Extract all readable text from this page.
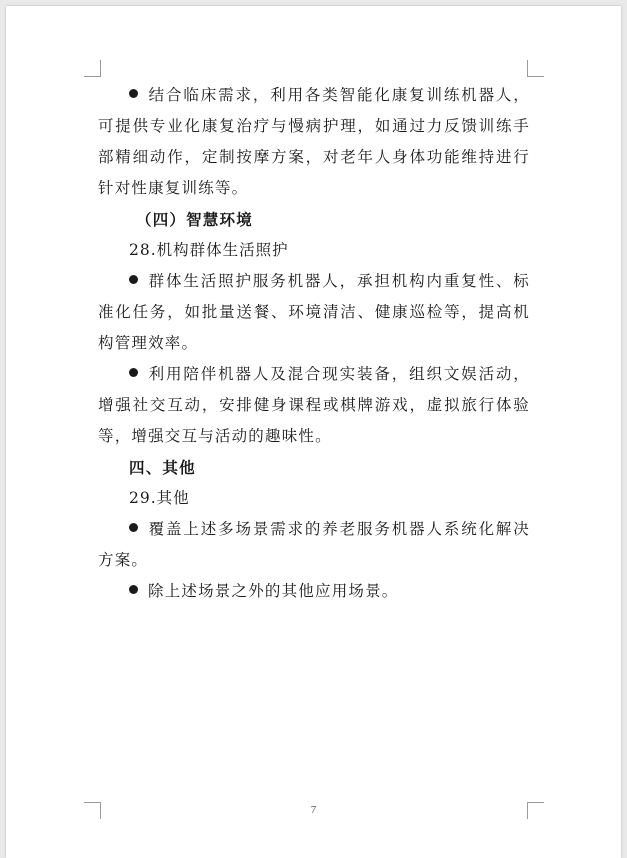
结合临床需求，利用各类智能化康复训练机器人，可提供专业化康复治疗与慢病护理，如通过力反馈训练手部精细动作，定制按摩方案，对老年人身体功能维持进行针对性康复训练等。

（四）智慧环境

28.机构群体生活照护

群体生活照护服务机器人，承担机构内重复性、标准化任务，如批量送餐、环境清洁、健康巡检等，提高机构管理效率。

利用陪伴机器人及混合现实装备，组织文娱活动，增强社交互动，安排健身课程或棋牌游戏，虚拟旅行体验等，增强交互与活动的趣味性。

四、其他

29.其他

覆盖上述多场景需求的养老服务机器人系统化解决方案。

除上述场景之外的其他应用场景。

7
